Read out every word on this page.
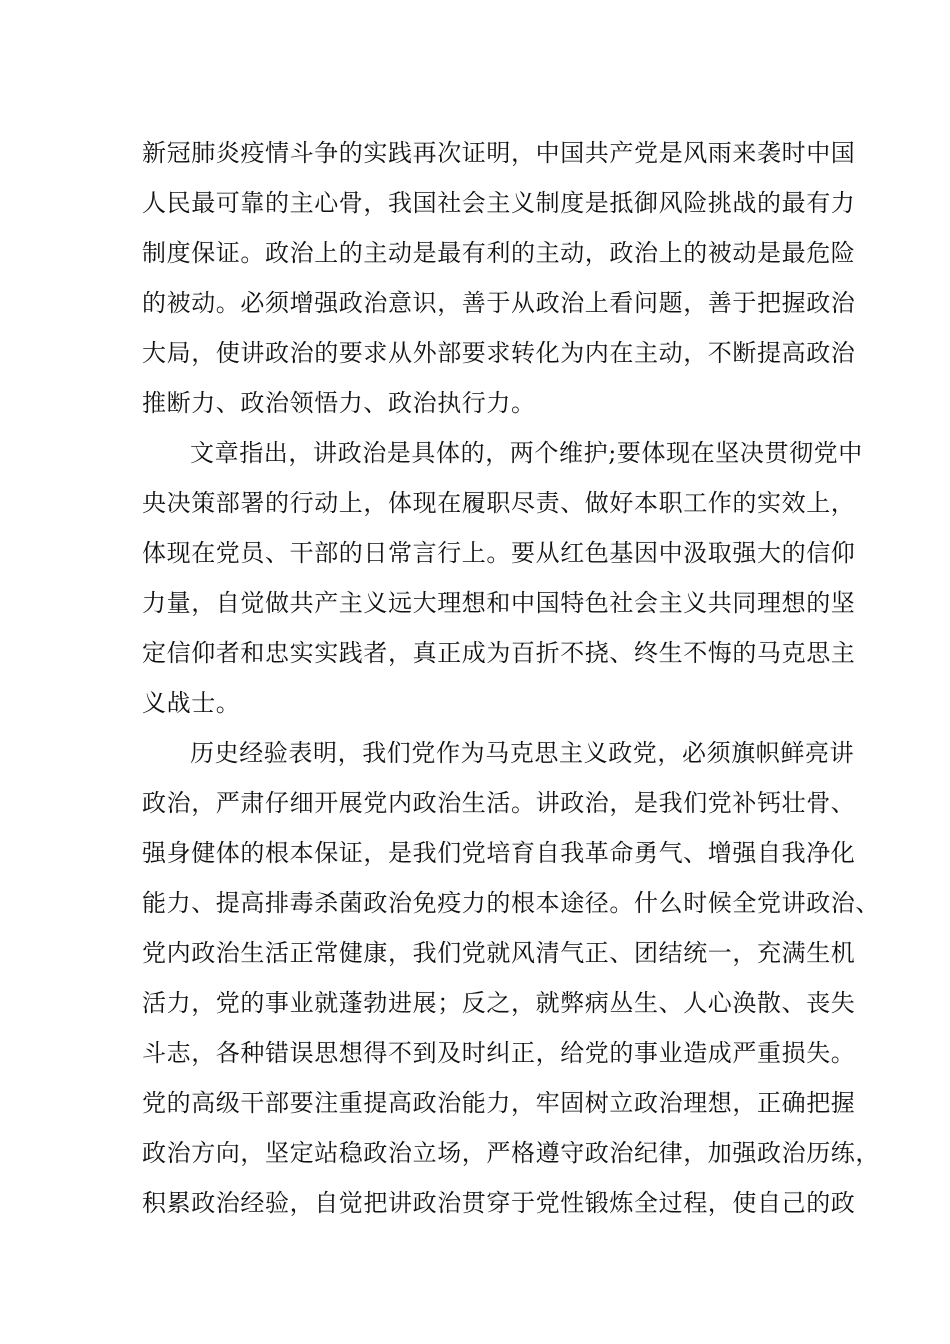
新冠肺炎疫情斗争的实践再次证明，中国共产党是风雨来袭时中国
人民最可靠的主心骨，我国社会主义制度是抵御风险挑战的最有力
制度保证。政治上的主动是最有利的主动，政治上的被动是最危险
的被动。必须增强政治意识，善于从政治上看问题，善于把握政治
大局，使讲政治的要求从外部要求转化为内在主动，不断提高政治
推断力、政治领悟力、政治执行力。
文章指出，讲政治是具体的，两个维护;要体现在坚决贯彻党中
央决策部署的行动上，体现在履职尽责、做好本职工作的实效上，
体现在党员、干部的日常言行上。要从红色基因中汲取强大的信仰
力量，自觉做共产主义远大理想和中国特色社会主义共同理想的坚
定信仰者和忠实实践者，真正成为百折不挠、终生不悔的马克思主
义战士。
历史经验表明，我们党作为马克思主义政党，必须旗帜鲜亮讲
政治，严肃仔细开展党内政治生活。讲政治，是我们党补钙壮骨、
强身健体的根本保证，是我们党培育自我革命勇气、增强自我净化
能力、提高排毒杀菌政治免疫力的根本途径。什么时候全党讲政治、
党内政治生活正常健康，我们党就风清气正、团结统一，充满生机
活力，党的事业就蓬勃进展；反之，就弊病丛生、人心涣散、丧失
斗志，各种错误思想得不到及时纠正，给党的事业造成严重损失。
党的高级干部要注重提高政治能力，牢固树立政治理想，正确把握
政治方向，坚定站稳政治立场，严格遵守政治纪律，加强政治历练，
积累政治经验，自觉把讲政治贯穿于党性锻炼全过程，使自己的政
